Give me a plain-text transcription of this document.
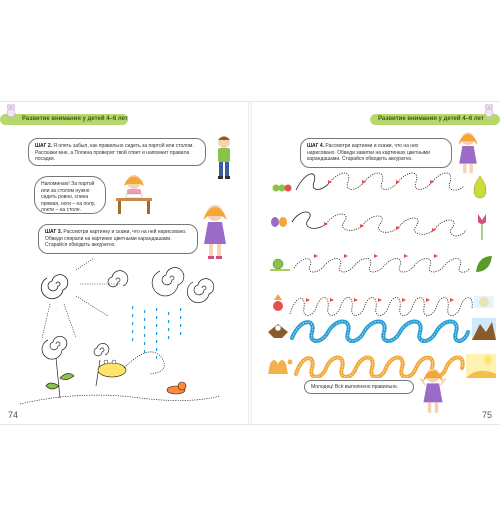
Развитие внимания у детей 4–6 лет
ШАГ 2. Я опять забыл, как правильно сидеть за партой или столом. Расскажи мне, а Полина проверит твой ответ и напомнит правила посадки.
Напоминаю! За партой или за столом нужно сидеть ровно, спина прямая, ноги – на полу, локти – на столе.
ШАГ 3. Рассмотри картинку и скажи, что на ней нарисовано. Обведи спирали на картинке цветными карандашами. Старайся обводить аккуратно.
74
Развитие внимания у детей 4–6 лет
ШАГ 4. Рассмотри картинки и скажи, что на них нарисовано. Обведи завитки на картинках цветными карандашами. Старайся обводить аккуратно.
Молодец! Всё выполнено правильно.
75
